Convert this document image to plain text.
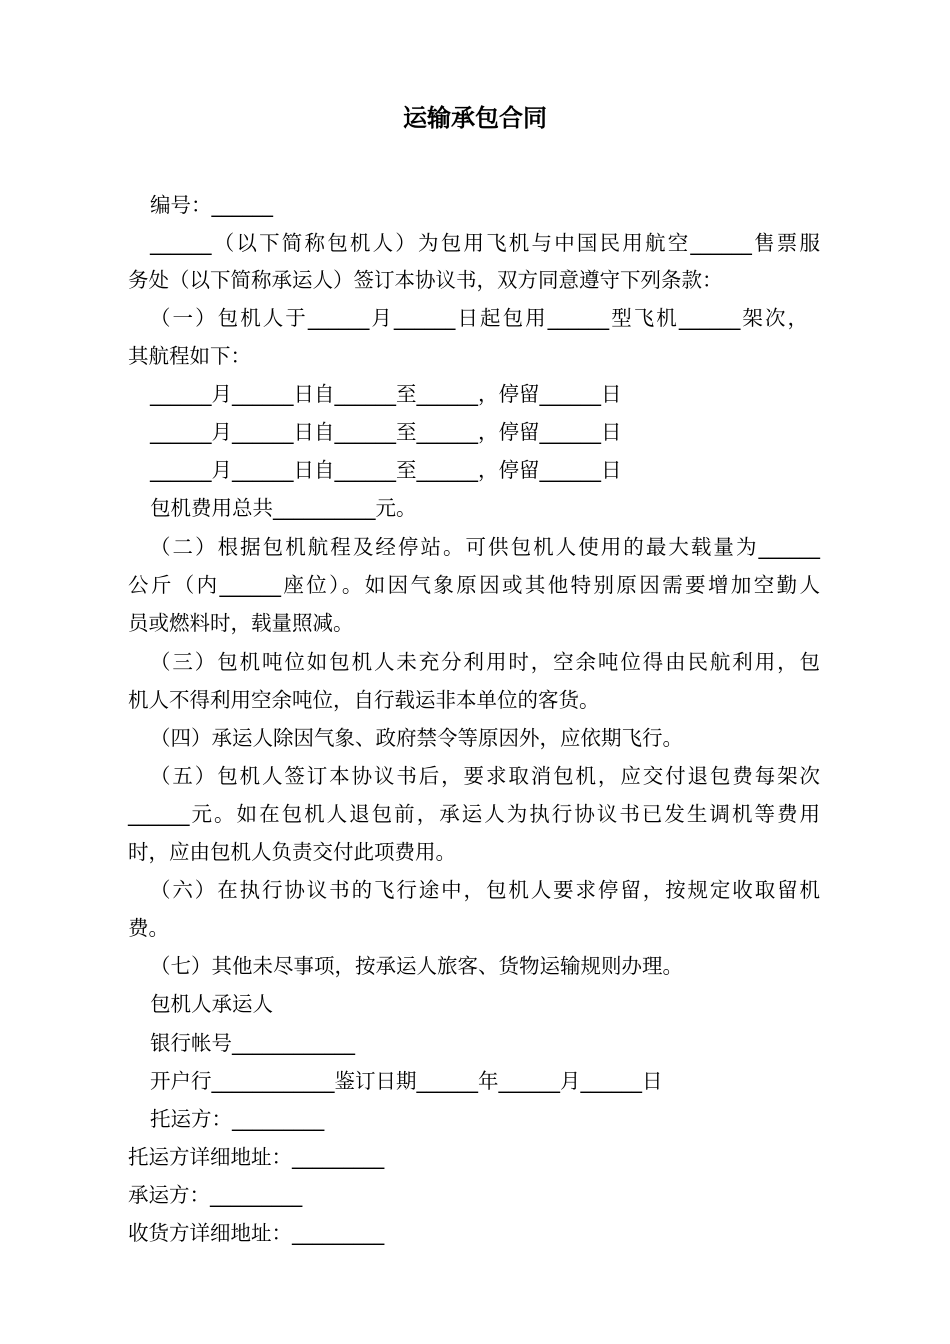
运输承包合同
编号：______
______（以下简称包机人）为包用飞机与中国民用航空______售票服
务处（以下简称承运人）签订本协议书，双方同意遵守下列条款：
（一）包机人于______月______日起包用______型飞机______架次，
其航程如下：
______月______日自______至______，停留______日
______月______日自______至______，停留______日
______月______日自______至______，停留______日
包机费用总共__________元。
（二）根据包机航程及经停站。可供包机人使用的最大载量为______
公斤（内______座位）。如因气象原因或其他特别原因需要增加空勤人
员或燃料时，载量照减。
（三）包机吨位如包机人未充分利用时，空余吨位得由民航利用，包
机人不得利用空余吨位，自行载运非本单位的客货。
（四）承运人除因气象、政府禁令等原因外，应依期飞行。
（五）包机人签订本协议书后，要求取消包机，应交付退包费每架次
______元。如在包机人退包前，承运人为执行协议书已发生调机等费用
时，应由包机人负责交付此项费用。
（六）在执行协议书的飞行途中，包机人要求停留，按规定收取留机
费。
（七）其他未尽事项，按承运人旅客、货物运输规则办理。
包机人承运人
银行帐号____________
开户行____________鉴订日期______年______月______日
托运方：_________
托运方详细地址：_________
承运方：_________
收货方详细地址：_________
